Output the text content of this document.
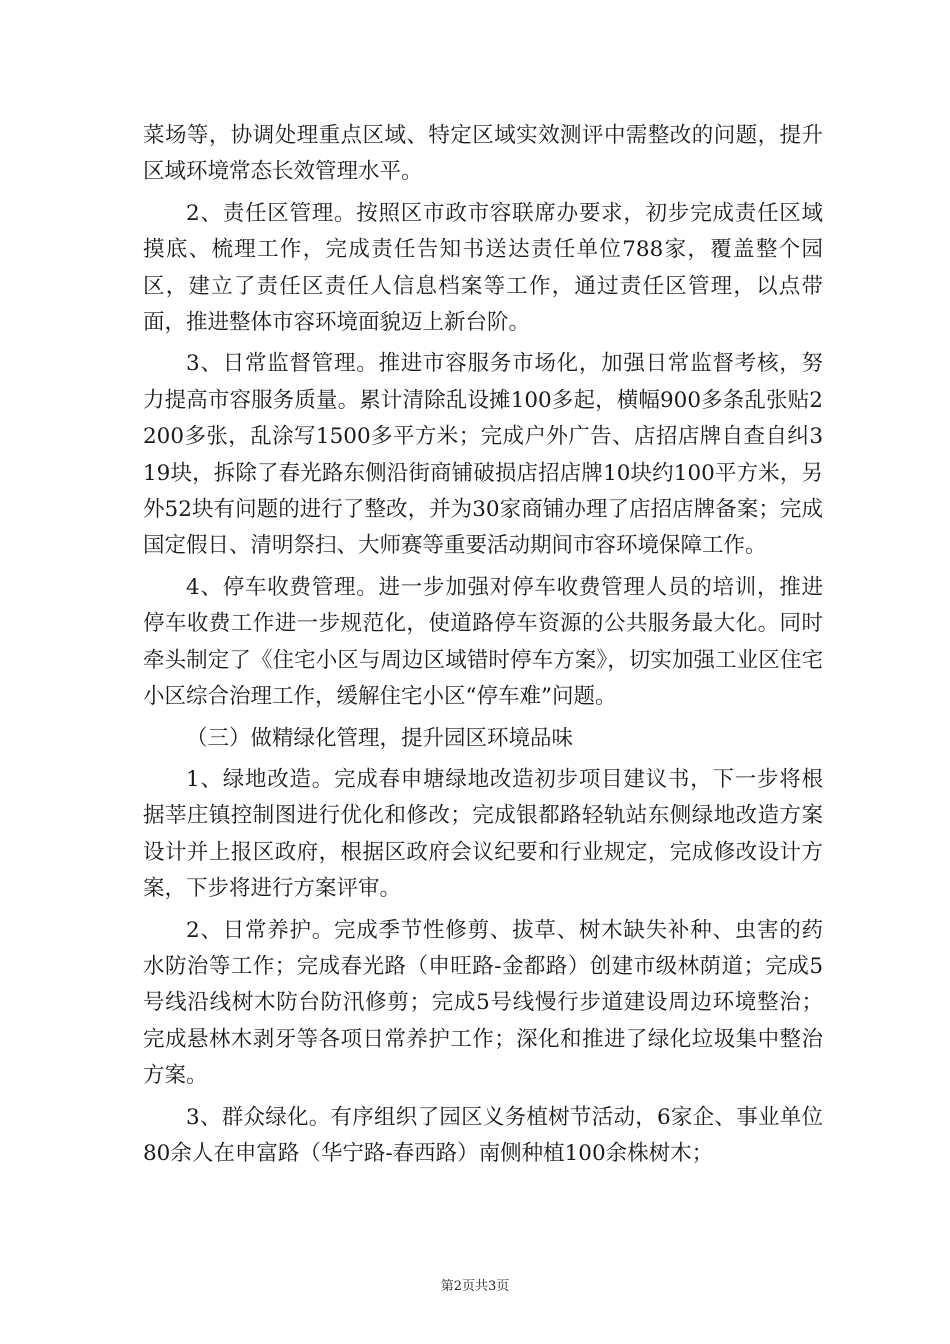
菜场等，协调处理重点区域、特定区域实效测评中需整改的问题，提升区域环境常态长效管理水平。

2、责任区管理。按照区市政市容联席办要求，初步完成责任区域摸底、梳理工作，完成责任告知书送达责任单位788家，覆盖整个园区，建立了责任区责任人信息档案等工作，通过责任区管理，以点带面，推进整体市容环境面貌迈上新台阶。

3、日常监督管理。推进市容服务市场化，加强日常监督考核，努力提高市容服务质量。累计清除乱设摊100多起，横幅900多条乱张贴2200多张，乱涂写1500多平方米；完成户外广告、店招店牌自查自纠319块，拆除了春光路东侧沿街商铺破损店招店牌10块约100平方米，另外52块有问题的进行了整改，并为30家商铺办理了店招店牌备案；完成国定假日、清明祭扫、大师赛等重要活动期间市容环境保障工作。

4、停车收费管理。进一步加强对停车收费管理人员的培训，推进停车收费工作进一步规范化，使道路停车资源的公共服务最大化。同时牵头制定了《住宅小区与周边区域错时停车方案》，切实加强工业区住宅小区综合治理工作，缓解住宅小区“停车难”问题。

（三）做精绿化管理，提升园区环境品味

1、绿地改造。完成春申塘绿地改造初步项目建议书，下一步将根据莘庄镇控制图进行优化和修改；完成银都路轻轨站东侧绿地改造方案设计并上报区政府，根据区政府会议纪要和行业规定，完成修改设计方案，下步将进行方案评审。

2、日常养护。完成季节性修剪、拔草、树木缺失补种、虫害的药水防治等工作；完成春光路（申旺路-金都路）创建市级林荫道；完成5号线沿线树木防台防汛修剪；完成5号线慢行步道建设周边环境整治；完成悬林木剥牙等各项日常养护工作；深化和推进了绿化垃圾集中整治方案。

3、群众绿化。有序组织了园区义务植树节活动，6家企、事业单位80余人在申富路（华宁路-春西路）南侧种植100余株树木；

第2页共3页
